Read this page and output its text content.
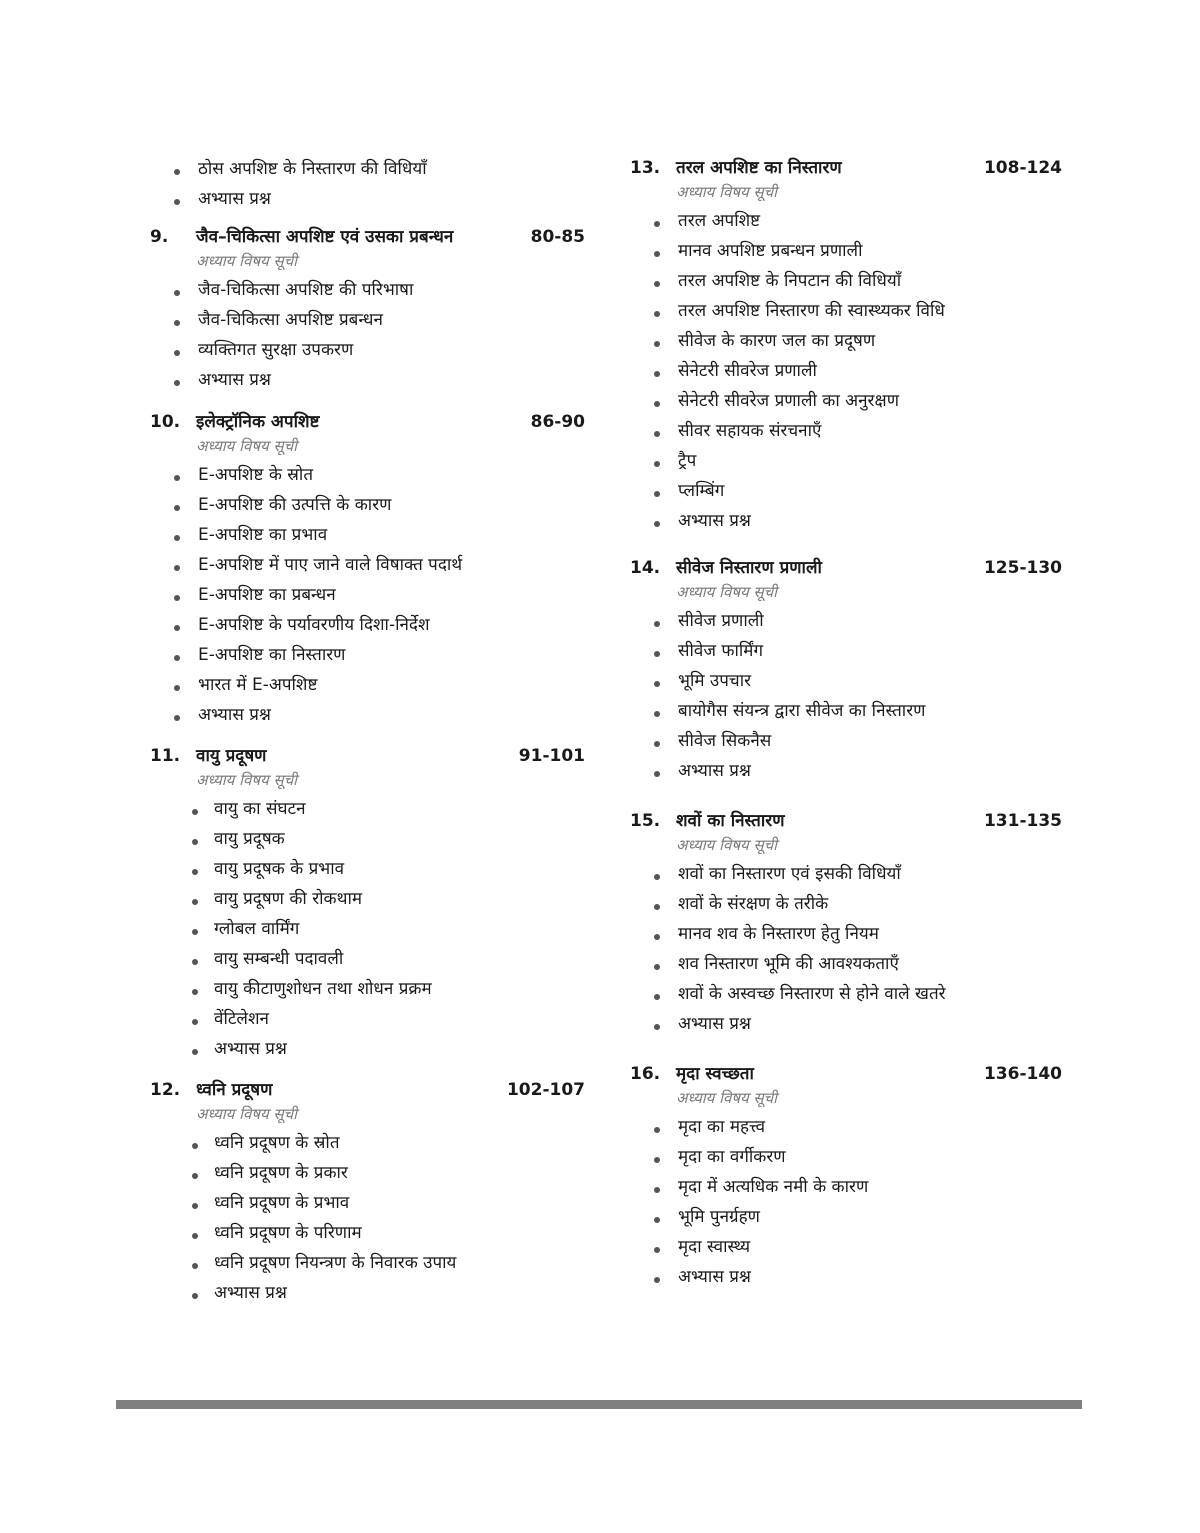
ठोस अपशिष्ट के निस्तारण की विधियाँ
अभ्यास प्रश्न
9. जैव–चिकित्सा अपशिष्ट एवं उसका प्रबन्धन	80-85
अध्याय विषय सूची
जैव-चिकित्सा अपशिष्ट की परिभाषा
जैव-चिकित्सा अपशिष्ट प्रबन्धन
व्यक्तिगत सुरक्षा उपकरण
अभ्यास प्रश्न
10. इलेक्ट्रॉनिक अपशिष्ट	86-90
अध्याय विषय सूची
E-अपशिष्ट के स्रोत
E-अपशिष्ट की उत्पत्ति के कारण
E-अपशिष्ट का प्रभाव
E-अपशिष्ट में पाए जाने वाले विषाक्त पदार्थ
E-अपशिष्ट का प्रबन्धन
E-अपशिष्ट के पर्यावरणीय दिशा-निर्देश
E-अपशिष्ट का निस्तारण
भारत में E-अपशिष्ट
अभ्यास प्रश्न
11. वायु प्रदूषण	91-101
अध्याय विषय सूची
वायु का संघटन
वायु प्रदूषक
वायु प्रदूषक के प्रभाव
वायु प्रदूषण की रोकथाम
ग्लोबल वार्मिंग
वायु सम्बन्धी पदावली
वायु कीटाणुशोधन तथा शोधन प्रक्रम
वेंटिलेशन
अभ्यास प्रश्न
12. ध्वनि प्रदूषण	102-107
अध्याय विषय सूची
ध्वनि प्रदूषण के स्रोत
ध्वनि प्रदूषण के प्रकार
ध्वनि प्रदूषण के प्रभाव
ध्वनि प्रदूषण के परिणाम
ध्वनि प्रदूषण नियन्त्रण के निवारक उपाय
अभ्यास प्रश्न
13. तरल अपशिष्ट का निस्तारण	108-124
अध्याय विषय सूची
तरल अपशिष्ट
मानव अपशिष्ट प्रबन्धन प्रणाली
तरल अपशिष्ट के निपटान की विधियाँ
तरल अपशिष्ट निस्तारण की स्वास्थ्यकर विधि
सीवेज के कारण जल का प्रदूषण
सेनेटरी सीवरेज प्रणाली
सेनेटरी सीवरेज प्रणाली का अनुरक्षण
सीवर सहायक संरचनाएँ
ट्रैप
प्लम्बिंग
अभ्यास प्रश्न
14. सीवेज निस्तारण प्रणाली	125-130
अध्याय विषय सूची
सीवेज प्रणाली
सीवेज फार्मिंग
भूमि उपचार
बायोगैस संयन्त्र द्वारा सीवेज का निस्तारण
सीवेज सिकनैस
अभ्यास प्रश्न
15. शवों का निस्तारण	131-135
अध्याय विषय सूची
शवों का निस्तारण एवं इसकी विधियाँ
शवों के संरक्षण के तरीके
मानव शव के निस्तारण हेतु नियम
शव निस्तारण भूमि की आवश्यकताएँ
शवों के अस्वच्छ निस्तारण से होने वाले खतरे
अभ्यास प्रश्न
16. मृदा स्वच्छता	136-140
अध्याय विषय सूची
मृदा का महत्त्व
मृदा का वर्गीकरण
मृदा में अत्यधिक नमी के कारण
भूमि पुनर्ग्रहण
मृदा स्वास्थ्य
अभ्यास प्रश्न
